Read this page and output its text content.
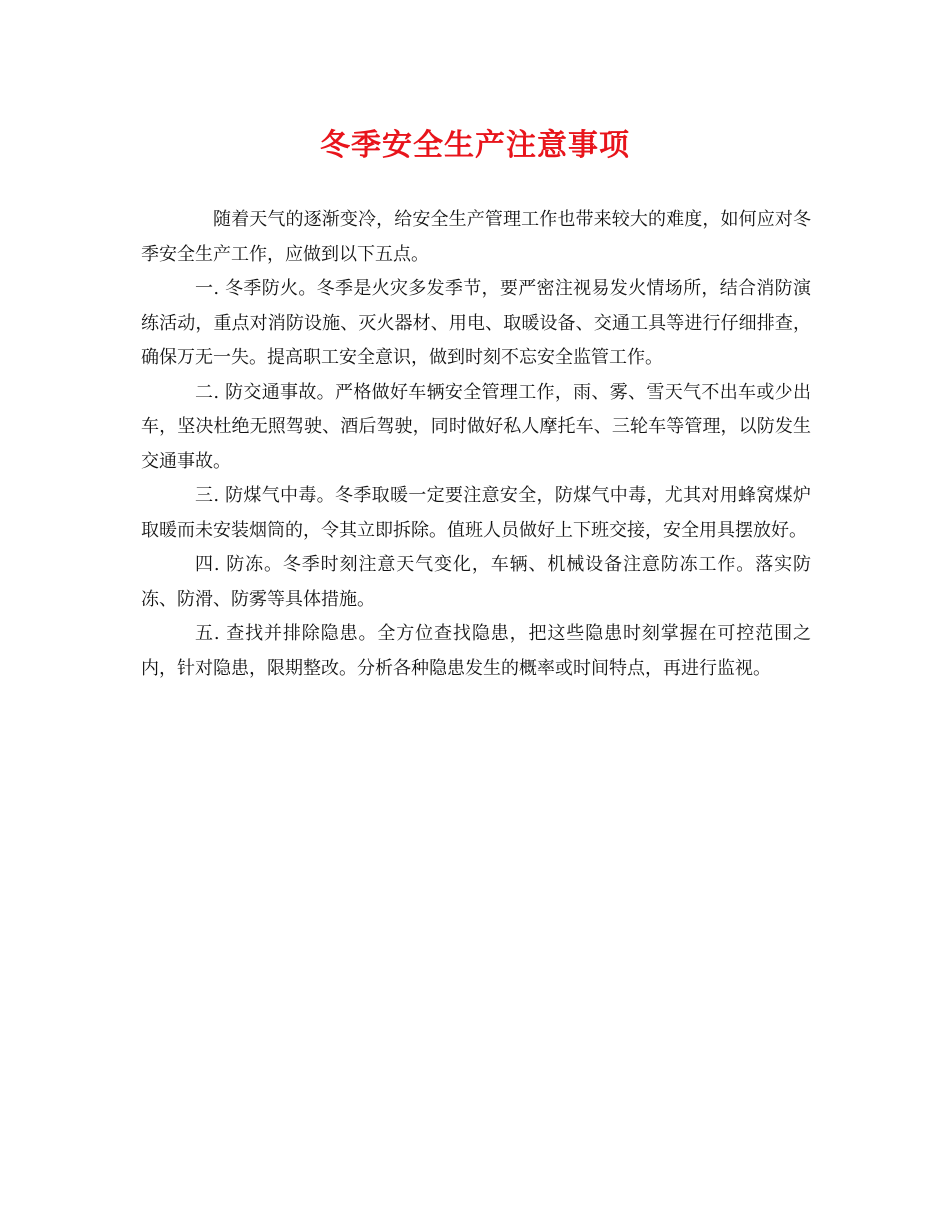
冬季安全生产注意事项

随着天气的逐渐变冷，给安全生产管理工作也带来较大的难度，如何应对冬季安全生产工作，应做到以下五点。

一. 冬季防火。冬季是火灾多发季节，要严密注视易发火情场所，结合消防演练活动，重点对消防设施、灭火器材、用电、取暖设备、交通工具等进行仔细排查，确保万无一失。提高职工安全意识，做到时刻不忘安全监管工作。

二. 防交通事故。严格做好车辆安全管理工作，雨、雾、雪天气不出车或少出车，坚决杜绝无照驾驶、酒后驾驶，同时做好私人摩托车、三轮车等管理，以防发生交通事故。

三. 防煤气中毒。冬季取暖一定要注意安全，防煤气中毒，尤其对用蜂窝煤炉取暖而未安装烟筒的，令其立即拆除。值班人员做好上下班交接，安全用具摆放好。

四. 防冻。冬季时刻注意天气变化，车辆、机械设备注意防冻工作。落实防冻、防滑、防雾等具体措施。

五. 查找并排除隐患。全方位查找隐患，把这些隐患时刻掌握在可控范围之内，针对隐患，限期整改。分析各种隐患发生的概率或时间特点，再进行监视。
